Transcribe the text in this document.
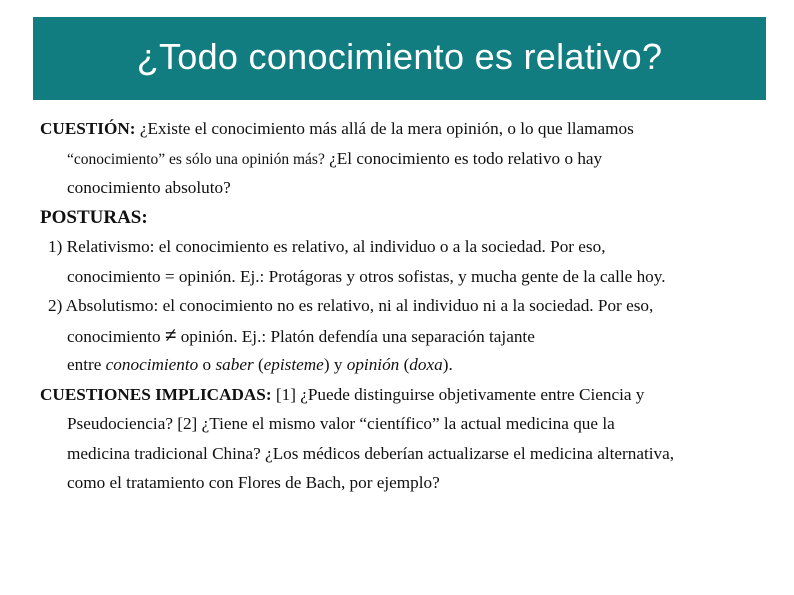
¿Todo conocimiento es relativo?
CUESTIÓN: ¿Existe el conocimiento más allá de la mera opinión, o lo que llamamos
“conocimiento” es sólo una opinión más? ¿El conocimiento es todo relativo o hay
conocimiento absoluto?
POSTURAS:
1) Relativismo: el conocimiento es relativo, al individuo o a la sociedad. Por eso,
conocimiento = opinión. Ej.: Protágoras y otros sofistas, y mucha gente de la calle hoy.
2) Absolutismo: el conocimiento no es relativo, ni al individuo ni a la sociedad. Por eso,
conocimiento ≠ opinión. Ej.: Platón defendía una separación tajante
entre conocimiento o saber (episteme) y opinión (doxa).
CUESTIONES IMPLICADAS: [1] ¿Puede distinguirse objetivamente entre Ciencia y
Pseudociencia? [2] ¿Tiene el mismo valor “científico” la actual medicina que la
medicina tradicional China? ¿Los médicos deberían actualizarse el medicina alternativa,
como el tratamiento con Flores de Bach, por ejemplo?
